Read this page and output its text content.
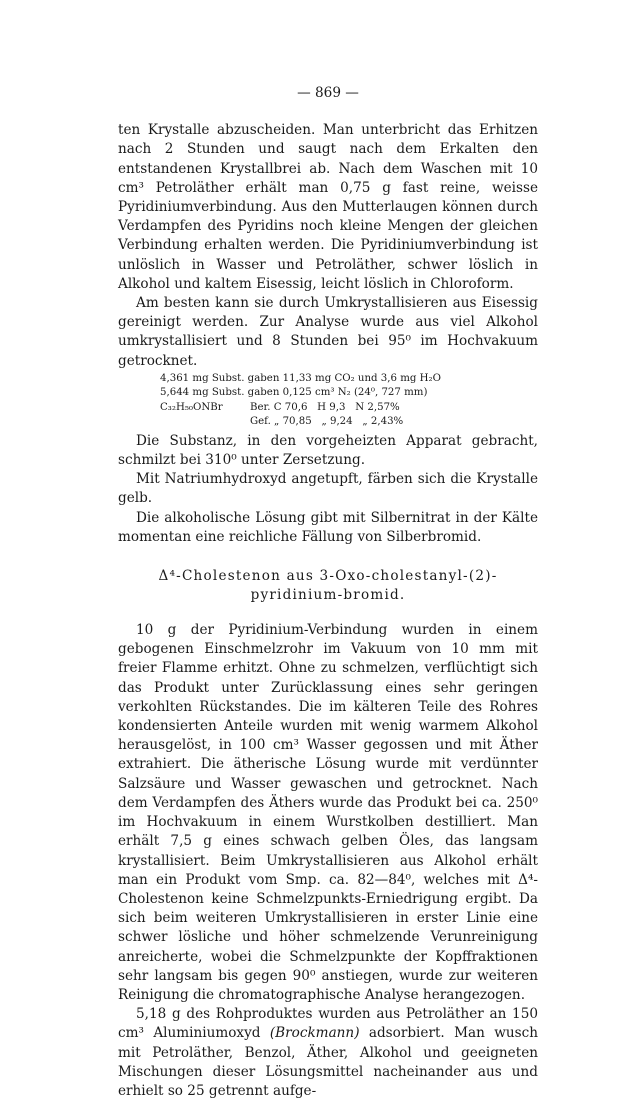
— 869 —

ten Krystalle abzuscheiden. Man unterbricht das Erhitzen nach 2 Stunden und saugt nach dem Erkalten den entstandenen Krystallbrei ab. Nach dem Waschen mit 10 cm³ Petroläther erhält man 0,75 g fast reine, weisse Pyridiniumverbindung. Aus den Mutterlaugen können durch Verdampfen des Pyridins noch kleine Mengen der gleichen Verbindung erhalten werden. Die Pyridiniumverbindung ist unlöslich in Wasser und Petroläther, schwer löslich in Alkohol und kaltem Eisessig, leicht löslich in Chloroform.

Am besten kann sie durch Umkrystallisieren aus Eisessig gereinigt werden. Zur Analyse wurde aus viel Alkohol umkrystallisiert und 8 Stunden bei 95⁰ im Hochvakuum getrocknet.

4,361 mg Subst. gaben 11,33 mg CO₂ und 3,6 mg H₂O
5,644 mg Subst. gaben 0,125 cm³ N₂ (24⁰, 727 mm)
C₃₂H₅₀ONBr	Ber. C 70,6   H 9,3   N 2,57%
Gef. „ 70,85   „ 9,24   „ 2,43%

Die Substanz, in den vorgeheizten Apparat gebracht, schmilzt bei 310⁰ unter Zersetzung.

Mit Natriumhydroxyd angetupft, färben sich die Krystalle gelb.

Die alkoholische Lösung gibt mit Silbernitrat in der Kälte momentan eine reichliche Fällung von Silberbromid.

Δ⁴-Cholestenon aus 3-Oxo-cholestanyl-(2)-pyridinium-bromid.

10 g der Pyridinium-Verbindung wurden in einem gebogenen Einschmelzrohr im Vakuum von 10 mm mit freier Flamme erhitzt. Ohne zu schmelzen, verflüchtigt sich das Produkt unter Zurücklassung eines sehr geringen verkohlten Rückstandes. Die im kälteren Teile des Rohres kondensierten Anteile wurden mit wenig warmem Alkohol herausgelöst, in 100 cm³ Wasser gegossen und mit Äther extrahiert. Die ätherische Lösung wurde mit verdünnter Salzsäure und Wasser gewaschen und getrocknet. Nach dem Verdampfen des Äthers wurde das Produkt bei ca. 250⁰ im Hochvakuum in einem Wurstkolben destilliert. Man erhält 7,5 g eines schwach gelben Öles, das langsam krystallisiert. Beim Umkrystallisieren aus Alkohol erhält man ein Produkt vom Smp. ca. 82—84⁰, welches mit Δ⁴-Cholestenon keine Schmelzpunkts-Erniedrigung ergibt. Da sich beim weiteren Umkrystallisieren in erster Linie eine schwer lösliche und höher schmelzende Verunreinigung anreicherte, wobei die Schmelzpunkte der Kopffraktionen sehr langsam bis gegen 90⁰ anstiegen, wurde zur weiteren Reinigung die chromatographische Analyse herangezogen.

5,18 g des Rohproduktes wurden aus Petroläther an 150 cm³ Aluminiumoxyd (Brockmann) adsorbiert. Man wusch mit Petroläther, Benzol, Äther, Alkohol und geeigneten Mischungen dieser Lösungsmittel nacheinander aus und erhielt so 25 getrennt aufge-
